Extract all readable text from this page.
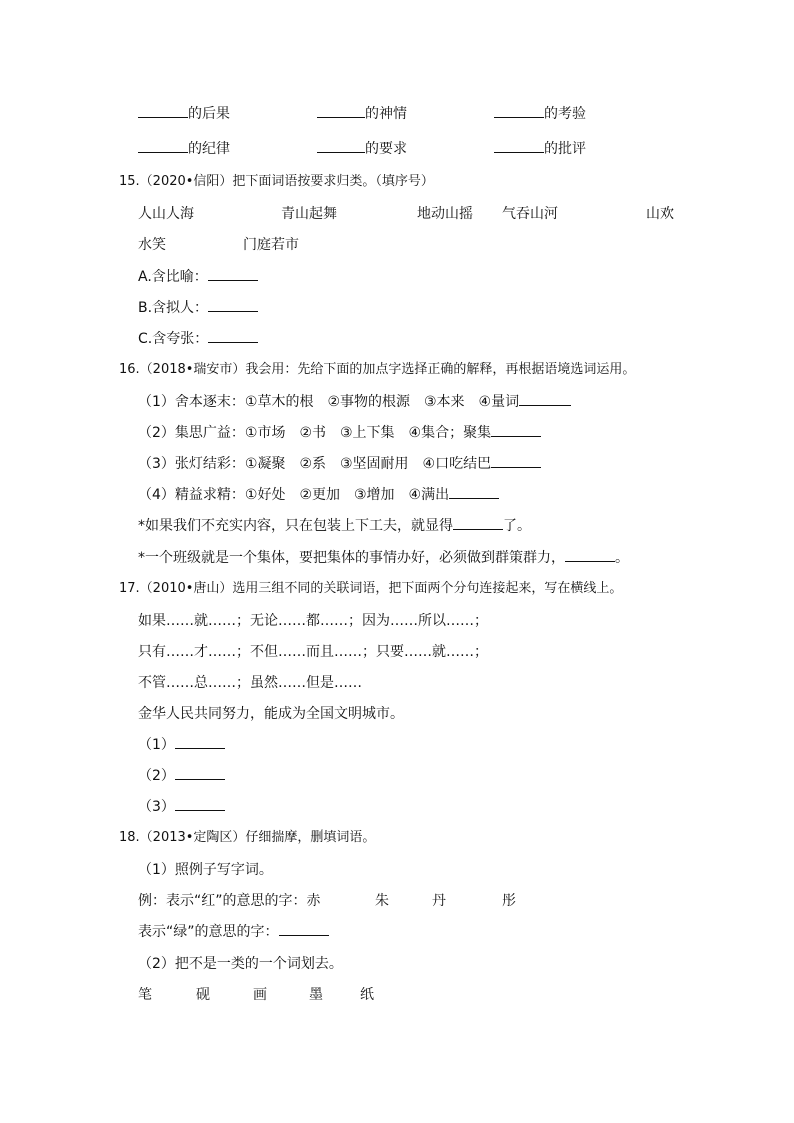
的后果	的神情	的考验
的纪律	的要求	的批评
15.（2020•信阳）把下面词语按要求归类。（填序号）
人山人海	青山起舞	地动山摇 气吞山河	山欢
水笑	门庭若市
A.含比喻：
B.含拟人：
C.含夸张：
16.（2018•瑞安市）我会用：先给下面的加点字选择正确的解释，再根据语境选词运用。
（1）舍本逐末：①草木的根　②事物的根源　③本来　④量词
（2）集思广益：①市场　②书　③上下集　④集合；聚集
（3）张灯结彩：①凝聚　②系　③坚固耐用　④口吃结巴
（4）精益求精：①好处　②更加　③增加　④满出
*如果我们不充实内容，只在包装上下工夫，就显得	了。
*一个班级就是一个集体，要把集体的事情办好，必须做到群策群力，	。
17.（2010•唐山）选用三组不同的关联词语，把下面两个分句连接起来，写在横线上。
如果……就……；无论……都……；因为……所以……；
只有……才……；不但……而且……；只要……就……；
不管……总……；虽然……但是……
金华人民共同努力，能成为全国文明城市。
（1）
（2）
（3）
18.（2013•定陶区）仔细揣摩，删填词语。
（1）照例子写字词。
例：表示“红”的意思的字：赤	朱	丹	彤
表示“绿”的意思的字：
（2）把不是一类的一个词划去。
笔	砚	画	墨	纸
